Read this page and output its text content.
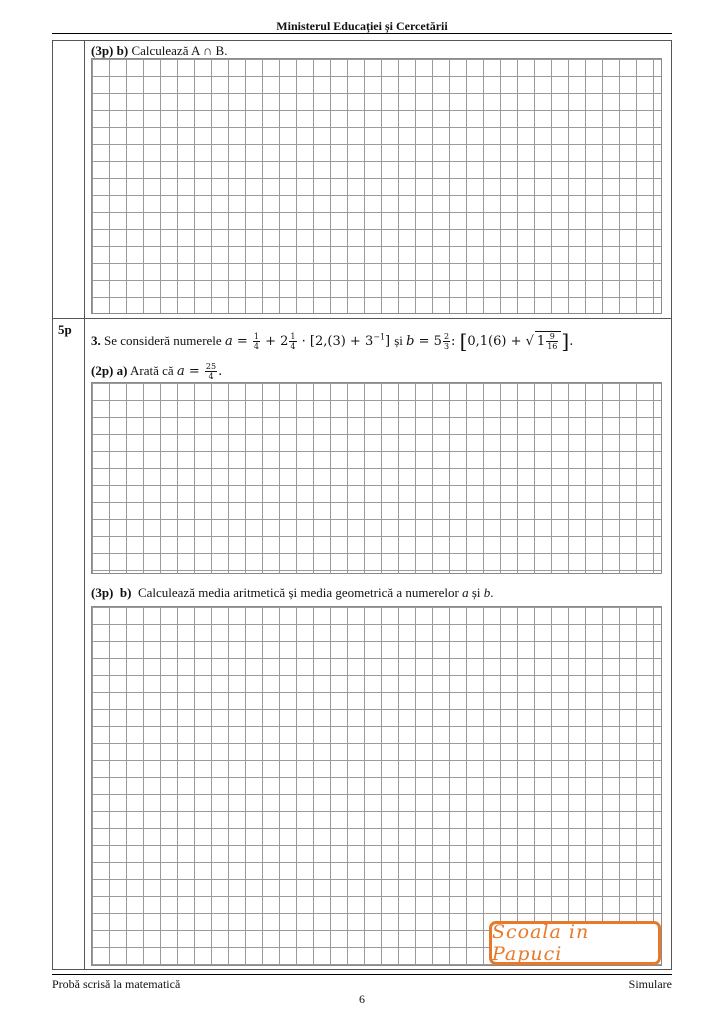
Ministerul Educației și Cercetării
(3p) b) Calculează A ∩ B.
5p
3. Se consideră numerele $a = \frac{1}{4} + 2 \frac{1}{4} \cdot [2,(3) + 3^{-1}]$ și $b = 5 \frac{2}{3}$ : [0,1(6) + √ $1 \frac{9}{16}$ ].
(2p) a) Arată că $a = \frac{25}{4}$ .
(3p) b) Calculează media aritmetică și media geometrică a numerelor a și b.
Scoala in Papuci
Probă scrisă la matematică	Simulare
6
